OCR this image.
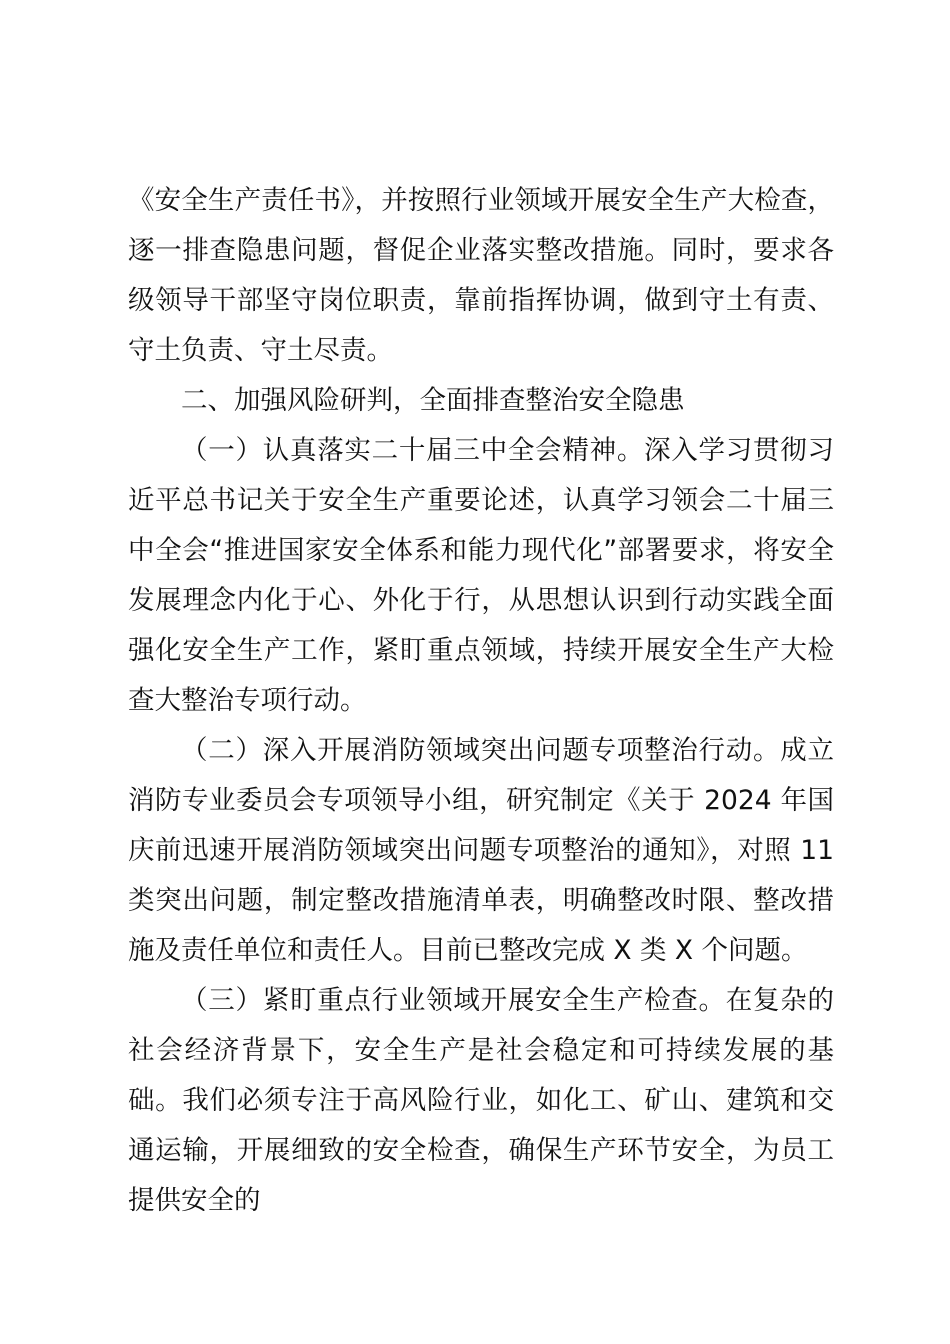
《安全生产责任书》，并按照行业领域开展安全生产大检查，逐一排查隐患问题，督促企业落实整改措施。同时，要求各级领导干部坚守岗位职责，靠前指挥协调，做到守土有责、守土负责、守土尽责。

二、加强风险研判，全面排查整治安全隐患

（一）认真落实二十届三中全会精神。深入学习贯彻习近平总书记关于安全生产重要论述，认真学习领会二十届三中全会“推进国家安全体系和能力现代化”部署要求，将安全发展理念内化于心、外化于行，从思想认识到行动实践全面强化安全生产工作，紧盯重点领域，持续开展安全生产大检查大整治专项行动。

（二）深入开展消防领域突出问题专项整治行动。成立消防专业委员会专项领导小组，研究制定《关于 2024 年国庆前迅速开展消防领域突出问题专项整治的通知》，对照 11 类突出问题，制定整改措施清单表，明确整改时限、整改措施及责任单位和责任人。目前已整改完成 X 类 X 个问题。

（三）紧盯重点行业领域开展安全生产检查。在复杂的社会经济背景下，安全生产是社会稳定和可持续发展的基础。我们必须专注于高风险行业，如化工、矿山、建筑和交通运输，开展细致的安全检查，确保生产环节安全，为员工提供安全的
